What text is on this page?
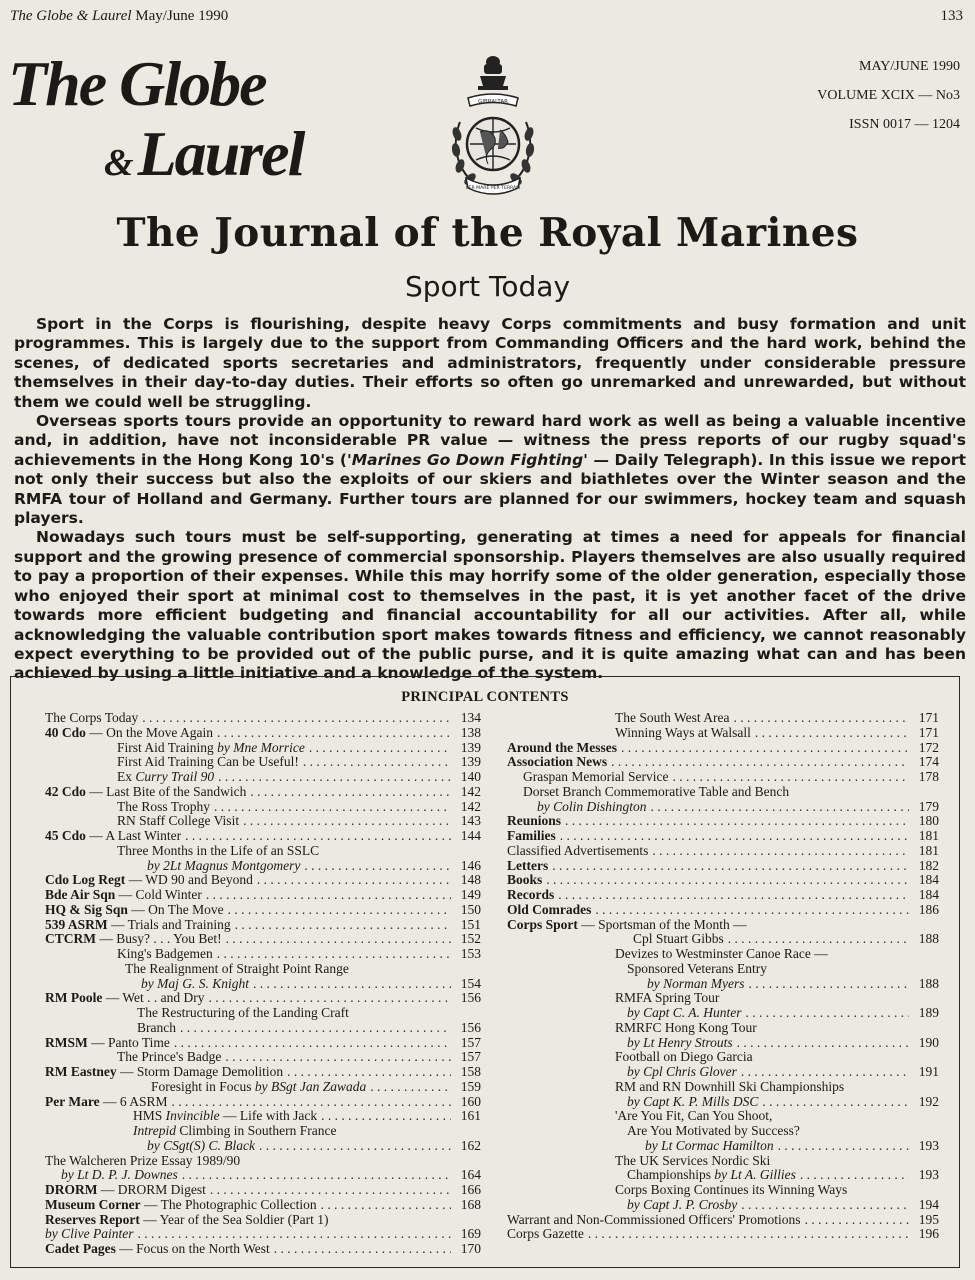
The Globe & Laurel May/June 1990	133
The Globe
&Laurel
GIBRALTAR
PER MARE PER TERRAM
MAY/JUNE 1990
VOLUME XCIX — No3
ISSN 0017 — 1204
The Journal of the Royal Marines
Sport Today

Sport in the Corps is flourishing, despite heavy Corps commitments and busy formation and unit programmes. This is largely due to the support from Commanding Officers and the hard work, behind the scenes, of dedicated sports secretaries and administrators, frequently under considerable pressure themselves in their day-to-day duties. Their efforts so often go unremarked and unrewarded, but without them we could well be struggling.

Overseas sports tours provide an opportunity to reward hard work as well as being a valuable incentive and, in addition, have not inconsiderable PR value — witness the press reports of our rugby squad's achievements in the Hong Kong 10's ('Marines Go Down Fighting' — Daily Telegraph). In this issue we report not only their success but also the exploits of our skiers and biathletes over the Winter season and the RMFA tour of Holland and Germany. Further tours are planned for our swimmers, hockey team and squash players.

Nowadays such tours must be self-supporting, generating at times a need for appeals for financial support and the growing presence of commercial sponsorship. Players themselves are also usually required to pay a proportion of their expenses. While this may horrify some of the older generation, especially those who enjoyed their sport at minimal cost to themselves in the past, it is yet another facet of the drive towards more efficient budgeting and financial accountability for all our activities. After all, while acknowledging the valuable contribution sport makes towards fitness and efficiency, we cannot reasonably expect everything to be provided out of the public purse, and it is quite amazing what can and has been achieved by using a little initiative and a knowledge of the system.

PRINCIPAL CONTENTS
The Corps Today . . .	134
40 Cdo — On the Move Again . . .	138
First Aid Training by Mne Morrice . . .	139
First Aid Training Can be Useful! . . .	139
Ex Curry Trail 90 . . .	140
42 Cdo — Last Bite of the Sandwich . . .	142
The Ross Trophy . . .	142
RN Staff College Visit . . .	143
45 Cdo — A Last Winter . . .	144
Three Months in the Life of an SSLC
by 2Lt Magnus Montgomery . . .	146
Cdo Log Regt — WD 90 and Beyond . . .	148
Bde Air Sqn — Cold Winter . . .	149
HQ & Sig Sqn — On The Move . . .	150
539 ASRM — Trials and Training . . .	151
CTCRM — Busy? . . . You Bet! . . .	152
King's Badgemen . . .	153
The Realignment of Straight Point Range
by Maj G. S. Knight . . .	154
RM Poole — Wet . . and Dry . . .	156
The Restructuring of the Landing Craft
Branch . . .	156
RMSM — Panto Time . . .	157
The Prince's Badge . . .	157
RM Eastney — Storm Damage Demolition . . .	158
Foresight in Focus by BSgt Jan Zawada . . .	159
Per Mare — 6 ASRM . . .	160
HMS Invincible — Life with Jack . . .	161
Intrepid Climbing in Southern France
by CSgt(S) C. Black . . .	162
The Walcheren Prize Essay 1989/90
by Lt D. P. J. Downes . . .	164
DRORM — DRORM Digest . . .	166
Museum Corner — The Photographic Collection . . .	168
Reserves Report — Year of the Sea Soldier (Part 1)
by Clive Painter . . .	169
Cadet Pages — Focus on the North West . . .	170
The South West Area . . .	171
Winning Ways at Walsall . . .	171
Around the Messes . . .	172
Association News . . .	174
Graspan Memorial Service . . .	178
Dorset Branch Commemorative Table and Bench
by Colin Dishington . . .	179
Reunions . . .	180
Families . . .	181
Classified Advertisements . . .	181
Letters . . .	182
Books . . .	184
Records . . .	184
Old Comrades . . .	186
Corps Sport — Sportsman of the Month —
Cpl Stuart Gibbs . . .	188
Devizes to Westminster Canoe Race —
Sponsored Veterans Entry
by Norman Myers . . .	188
RMFA Spring Tour
by Capt C. A. Hunter . . .	189
RMRFC Hong Kong Tour
by Lt Henry Strouts . . .	190
Football on Diego Garcia
by Cpl Chris Glover . . .	191
RM and RN Downhill Ski Championships
by Capt K. P. Mills DSC . . .	192
'Are You Fit, Can You Shoot,
Are You Motivated by Success?
by Lt Cormac Hamilton . . .	193
The UK Services Nordic Ski
Championships by Lt A. Gillies . . .	193
Corps Boxing Continues its Winning Ways
by Capt J. P. Crosby . . .	194
Warrant and Non-Commissioned Officers' Promotions . . .	195
Corps Gazette . . .	196
